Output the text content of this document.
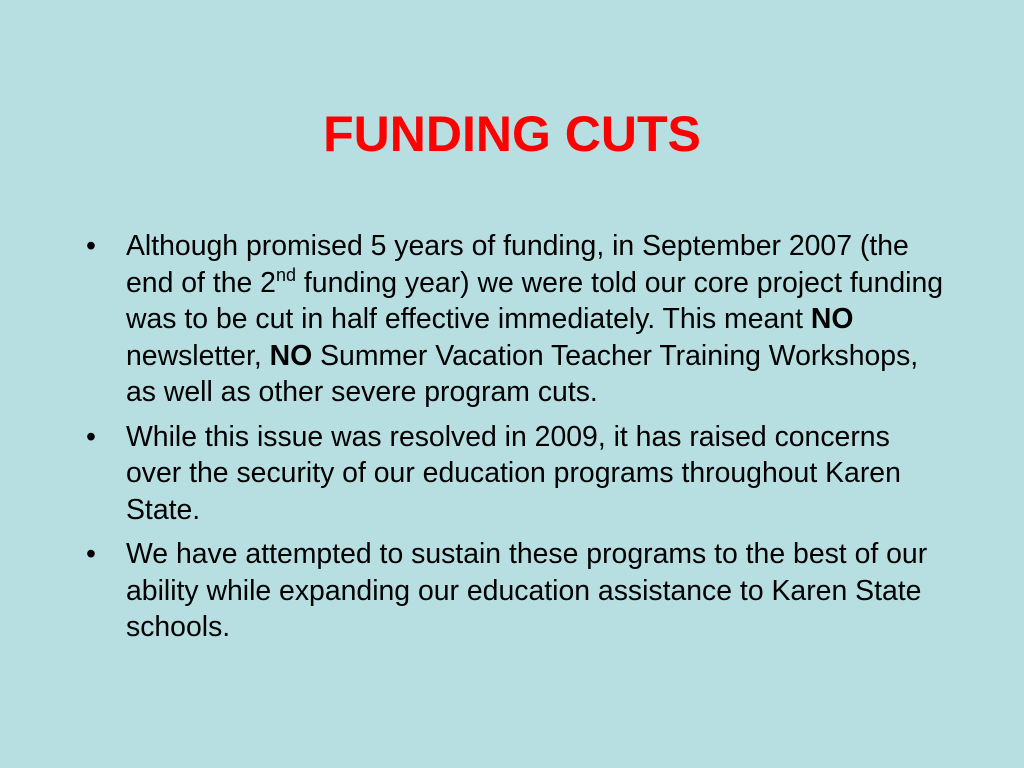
FUNDING CUTS
• Although promised 5 years of funding, in September 2007 (the end of the 2nd funding year) we were told our core project funding was to be cut in half effective immediately. This meant NO newsletter, NO Summer Vacation Teacher Training Workshops, as well as other severe program cuts.
• While this issue was resolved in 2009, it has raised concerns over the security of our education programs throughout Karen State.
• We have attempted to sustain these programs to the best of our ability while expanding our education assistance to Karen State schools.
